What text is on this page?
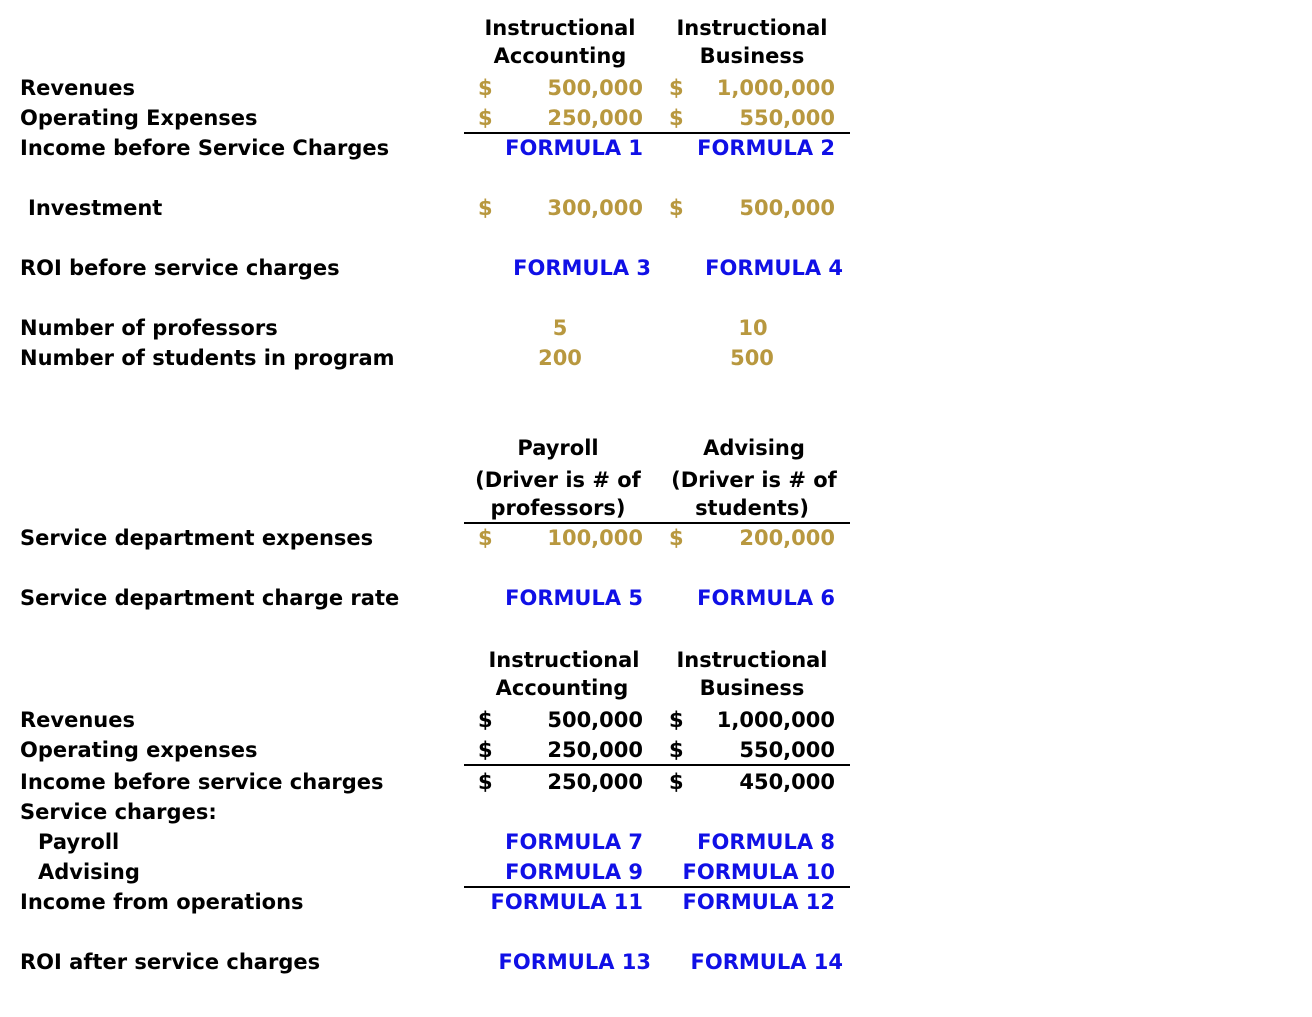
Instructional
Accounting
Instructional
Business
Revenues	$	500,000 $	1,000,000
Operating Expenses	$	250,000 $	550,000
Income before Service Charges	FORMULA 1	FORMULA 2
Investment	$	300,000 $	500,000
ROI before service charges	FORMULA 3	FORMULA 4
Number of professors	5	10
Number of students in program	200	500
Payroll
(Driver is # of
professors)
Advising
(Driver is # of
students)
Service department expenses	$	100,000 $	200,000
Service department charge rate	FORMULA 5	FORMULA 6
Instructional
Accounting
Instructional
Business
Revenues	$	500,000 $	1,000,000
Operating expenses	$	250,000 $	550,000
Income before service charges	$	250,000 $	450,000
Service charges:
Payroll	FORMULA 7	FORMULA 8
Advising	FORMULA 9 FORMULA 10
Income from operations	FORMULA 11 FORMULA 12
ROI after service charges	FORMULA 13	FORMULA 14
